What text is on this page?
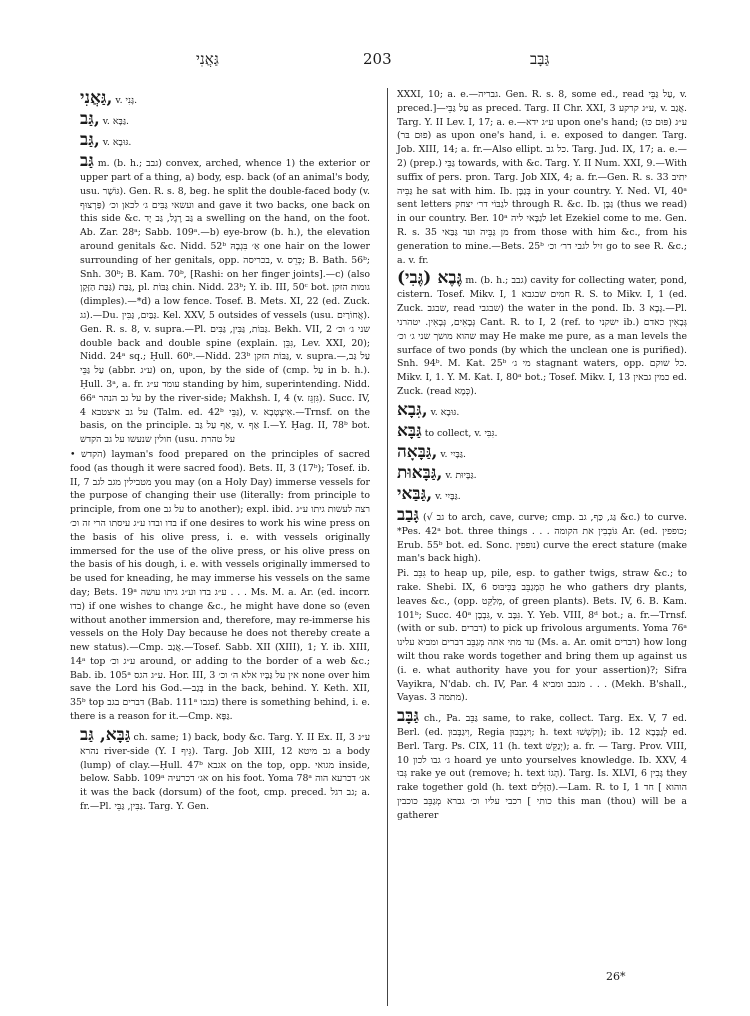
גַּאֲנִי	203	גַּבָּב

גַּאֲנִי, v. גָּנִי.

גַּב, v. גַּבָּא.

גַּב, v. גּוּבָא.

גַּב m. (b. h.; גבב) convex, arched, whence 1) the exterior or upper part of a thing, a) body, esp. back (of an animal's body, usu. גּוֹשֶׁר). Gen. R. s. 8, beg. he split the double-faced body (v. פַּרְצוּף) ועשאי גַּבִּים ג׳ לכאן וכ׳ and gave it two backs, one back on this side &c. גַּב רֶגֶל, גַּב יָד a swelling on the hand, on the foot. Ab. Zar. 28ᵃ; Sabb. 109ᵃ.—b) eye-brow (b. h.), the elevation around genitals &c. Nidd. 52ᵇ אַ׳ בִּגְבָהּ one hair on the lower surrounding of her genitals, opp. בכריסה, v. כְּרֵס; B. Bath. 56ᵇ; Snh. 30ᵇ; B. Kam. 70ᵇ, [Rashi: on her finger joints].—c) (also גַּבַּת הַזָּקָן) גַּבַּת, pl. גַּבּוֹת chin. Nidd. 23ᵇ; Y. ib. III, 50ᶜ bot. גומות הזקן (dimples).—*d) a low fence. Tosef. B. Mets. XI, 22 (ed. Zuck. גג).—Du. גַּבַּיִם, גַּבִּין. Kel. XXV, 5 outsides of vessels (usu. אֲחוֹרַיִם). Gen. R. s. 8, v. supra.—Pl. גַּבּוֹת, גַּבִּין, גַּבִּים. Bekh. VII, 2 שני ג׳ וכ׳ double back and double spine (explain. גִּבֵּן, Lev. XXI, 20); Nidd. 24ᵃ sq.; Ḥull. 60ᵇ.—Nidd. 23ᵇ גַּבּוֹת הזקן, v. supra.—עַל גַּב, עַל גַּבֵּי (abbr. ע״ג) on, upon, by the side of (cmp. עַל in b. h.). Ḥull. 3ᵃ, a. fr. עומד ע״ג standing by him, superintending. Nidd. 66ᵃ על גב הנהר by the river-side; Makhsh. I, 4 (v. גִּזְגֵּז). Succ. IV, 4 על גב איצטבא (Talm. ed. 42ᵇ גַּבֵּי), v. אִיצְטְבָא.—Trnsf. on the basis, on the principle. אַף עַל גַּב, v. אַף I.—Y. Ḥag. II, 78ᵇ bot. חולין שנעשו על גב הקדש (usu. על טהרת

• הקדש) layman's food prepared on the principles of sacred food (as though it were sacred food). Bets. II, 3 (17ᵇ); Tosef. ib. II, 7 מטבילין מגב לגב you may (on a Holy Day) immerse vessels for the purpose of changing their use (literally: from principle to principle, from one על גב to another); expl. ibid. רצה לעשות גיתו ע״ג בדו ובדו ע״ג עיסתו הרי זה וכ׳ if one desires to work his wine press on the basis of his olive press, i. e. with vessels originally immersed for the use of the olive press, or his olive press on the basis of his dough, i. e. with vessels originally immersed to be used for kneading, he may immerse his vessels on the same day; Bets. 19ᵃ ע״ג בדו וע״ג גיתו עושה . . . Ms. M. a. Ar. (ed. incorr. בדו) if one wishes to change &c., he might have done so (even without another immersion and, therefore, may re-immerse his vessels on the Holy Day because he does not thereby create a new status).—Cmp. אֲגַב.—Tosef. Sabb. XII (XIII), 1; Y. ib. XIII, 14ᵃ top ע״ג וכ׳ around, or adding to the border of a web &c.; Bab. ib. 105ᵃ ע״ג הגס. Hor. III, 3 אין על גַּבָּיו אלא ה׳ וכ׳ none over him save the Lord his God.—בְּגַב in the back, behind. Y. Keth. XII, 35ᵇ top דברים בגב (Bab. 111ᵃ בגבו) there is something behind, i. e. there is a reason for it.—Cmp. גַּפָּא.

גַּבָּא, גַּב ch. same; 1) back, body &c. Targ. Y. II Ex. II, 3 ע״ג נהרא river-side (Y. I גֵּיף). Targ. Job XIII, 12 גב מיטא a body (lump) of clay.—Ḥull. 47ᵇ אגבא on the top, opp. מגואי inside, below. Sabb. 109ᵃ אג׳ דכרעיה on his foot. Yoma 78ᵃ אג׳ דכרעא הוה it was the back (dorsum) of the foot, cmp. preced. גב רגל; a. fr.—Pl. גַּבִּין, גַּבֵּי. Targ. Y. Gen.

XXXI, 10; a. e.—גבריה. Gen. R. s. 8, some ed., read עַל גַּבֵּי, v. preced.]—עַל גַּבֵּי as preced. Targ. II Chr. XXI, 3 ע״ג קרקע, v. אֲגַב. Targ. Y. II Lev. I, 17; a. e.—ע״ג ידא upon one's hand; ע״ג (פּוּם כּוּ) (פוּם בּר) as upon one's hand, i. e. exposed to danger. Targ. Job. XIII, 14; a. fr.—Also ellipt. כל גב. Targ. Jud. IX, 17; a. e.—2) (prep.) גַּבֵּי towards, with &c. Targ. Y. II Num. XXI, 9.—With suffix of pers. pron. Targ. Job XIX, 4; a. fr.—Gen. R. s. 33 יתיב גַּבֵּיה he sat with him. Ib. בְּגַבָּן in your country. Y. Ned. VI, 40ᵃ sent letters לגַבּוֹי דר׳ יצחק through R. &c. Ib. גַּבָּן (thus we read) in our country. Ber. 10ᵃ לגַבָּאי ליה let Ezekiel come to me. Gen. R. s. 35 מן גַּבֵּיה ועד גַּבַּאי from those with him &c., from his generation to mine.—Bets. 25ᵇ זיל לגבי דר׳ וכ׳ go to see R. &c.; a. v. fr.

גֶּבֶא (גֶּבִי) m. (b. h.; גבב) cavity for collecting water, pond, cistern. Tosef. Mikv. I, 1 חמים שבגבא R. S. to Mikv. I, 1 (ed. Zuck. שבגב, read שבגבי) the water in the pond. Ib. 3 גֶּבֶא.—Pl. גְּבָאִים, גְּבָאִין. יטהרני Cant. R. to I, 2 (ref. to ישקני ib.) גְּבָאִין כאדם שהוא מושך שני ג׳ וכ׳ may He make me pure, as a man levels the surface of two ponds (by which the unclean one is purified). Snh. 94ᵇ. M. Kat. 25ᵇ מי ג׳ stagnant waters, opp. כל שוקם. Mikv. I, 1. Y. M. Kat. I, 80ᵃ bot.; Tosef. Mikv. I, 13 כמין גבאין ed. Zuck. (read כְּמָא).

גִּבָא, v. גּוּבָא.

גַּבָּא to collect, v. גִּבִּי.

גַּבָּאָה, v. גַּבָּיִי.

גַּבָּאוּת, v. גַּבָּיוּת.

גַּבַּאי, v. גַּבָּיִי.

גָּבַב (√ גב to arch, cave, curve; cmp. גַּג, כַּף, גב &c.) to curve. *Pes. 42ᵃ bot. three things . . . גּוֹבְבִין את הקומה Ar. (ed. כופפין; Erub. 55ᵇ bot. ed. Sonc. נופפין) curve the erect stature (make man's back high).

Pi. גִּבֵּב to heap up, pile, esp. to gather twigs, straw &c.; to rake. Shebi. IX, 6 הַמְגַבֵּב בַּכִּיבּוּס he who gathers dry plants, leaves &c., (opp. מְלַקֵּט, of green plants). Bets. IV, 6. B. Kam. 101ᵇ; Succ. 40ᵃ גִּבְבָן, v. גִּבָּב. Y. Yeb. VIII, 8ᵈ bot.; a. fr.—Trnsf. (with or sub. דברים) to pick up frivolous arguments. Yoma 76ᵃ עד מתי אתה מְגַבֵּב דברים ומביא עלינו (Ms. a. Ar. omit דברים) how long wilt thou rake words together and bring them up against us (i. e. what authority have you for your assertion)?; Sifra Vayikra, N'dab. ch. IV, Par. 4 מגבב ומביא . . . (Mekh. B'shall., Vayas. 3 מתמה).

גַּבָּב ch., Pa. גַּבֵּב same, to rake, collect. Targ. Ex. V, 7 ed. Berl. (ed. וִיגַבְּבוּן, Regia וִיגַבְּבוּן; h. text וְקֹשְׁשׁוּ); ib. 12 לְגַבָּבָא ed. Berl. Targ. Ps. CIX, 11 (h. text יְנַקֵּשׁ); a. fr. — Targ. Prov. VIII, 10 ג׳ גבו לכון hoard ye unto yourselves knowledge. Ib. XXV, 4 גְּבוּ rake ye out (remove; h. text הָגוֹ). Targ. Is. XLVI, 6 גָּבִין they rake together gold (h. text הַזָּלִים).—Lam. R. to I, 1 הוהוא ] חד כותי ] רכבי עליו וכ׳ גברא מְגַבֵּב כוכבין this man (thou) will be a gatherer

26*
